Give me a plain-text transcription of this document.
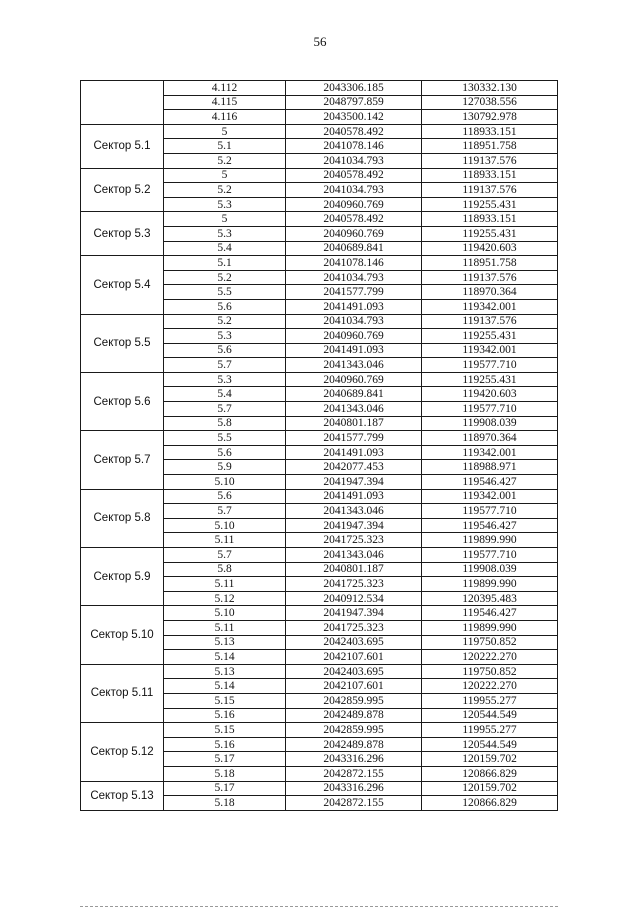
56
	4.112	2043306.185	130332.130
	4.115	2048797.859	127038.556
	4.116	2043500.142	130792.978
Сектор 5.1	5	2040578.492	118933.151
	5.1	2041078.146	118951.758
	5.2	2041034.793	119137.576
Сектор 5.2	5	2040578.492	118933.151
	5.2	2041034.793	119137.576
	5.3	2040960.769	119255.431
Сектор 5.3	5	2040578.492	118933.151
	5.3	2040960.769	119255.431
	5.4	2040689.841	119420.603
Сектор 5.4	5.1	2041078.146	118951.758
	5.2	2041034.793	119137.576
	5.5	2041577.799	118970.364
	5.6	2041491.093	119342.001
Сектор 5.5	5.2	2041034.793	119137.576
	5.3	2040960.769	119255.431
	5.6	2041491.093	119342.001
	5.7	2041343.046	119577.710
Сектор 5.6	5.3	2040960.769	119255.431
	5.4	2040689.841	119420.603
	5.7	2041343.046	119577.710
	5.8	2040801.187	119908.039
Сектор 5.7	5.5	2041577.799	118970.364
	5.6	2041491.093	119342.001
	5.9	2042077.453	118988.971
	5.10	2041947.394	119546.427
Сектор 5.8	5.6	2041491.093	119342.001
	5.7	2041343.046	119577.710
	5.10	2041947.394	119546.427
	5.11	2041725.323	119899.990
Сектор 5.9	5.7	2041343.046	119577.710
	5.8	2040801.187	119908.039
	5.11	2041725.323	119899.990
	5.12	2040912.534	120395.483
Сектор 5.10	5.10	2041947.394	119546.427
	5.11	2041725.323	119899.990
	5.13	2042403.695	119750.852
	5.14	2042107.601	120222.270
Сектор 5.11	5.13	2042403.695	119750.852
	5.14	2042107.601	120222.270
	5.15	2042859.995	119955.277
	5.16	2042489.878	120544.549
Сектор 5.12	5.15	2042859.995	119955.277
	5.16	2042489.878	120544.549
	5.17	2043316.296	120159.702
	5.18	2042872.155	120866.829
Сектор 5.13	5.17	2043316.296	120159.702
	5.18	2042872.155	120866.829
